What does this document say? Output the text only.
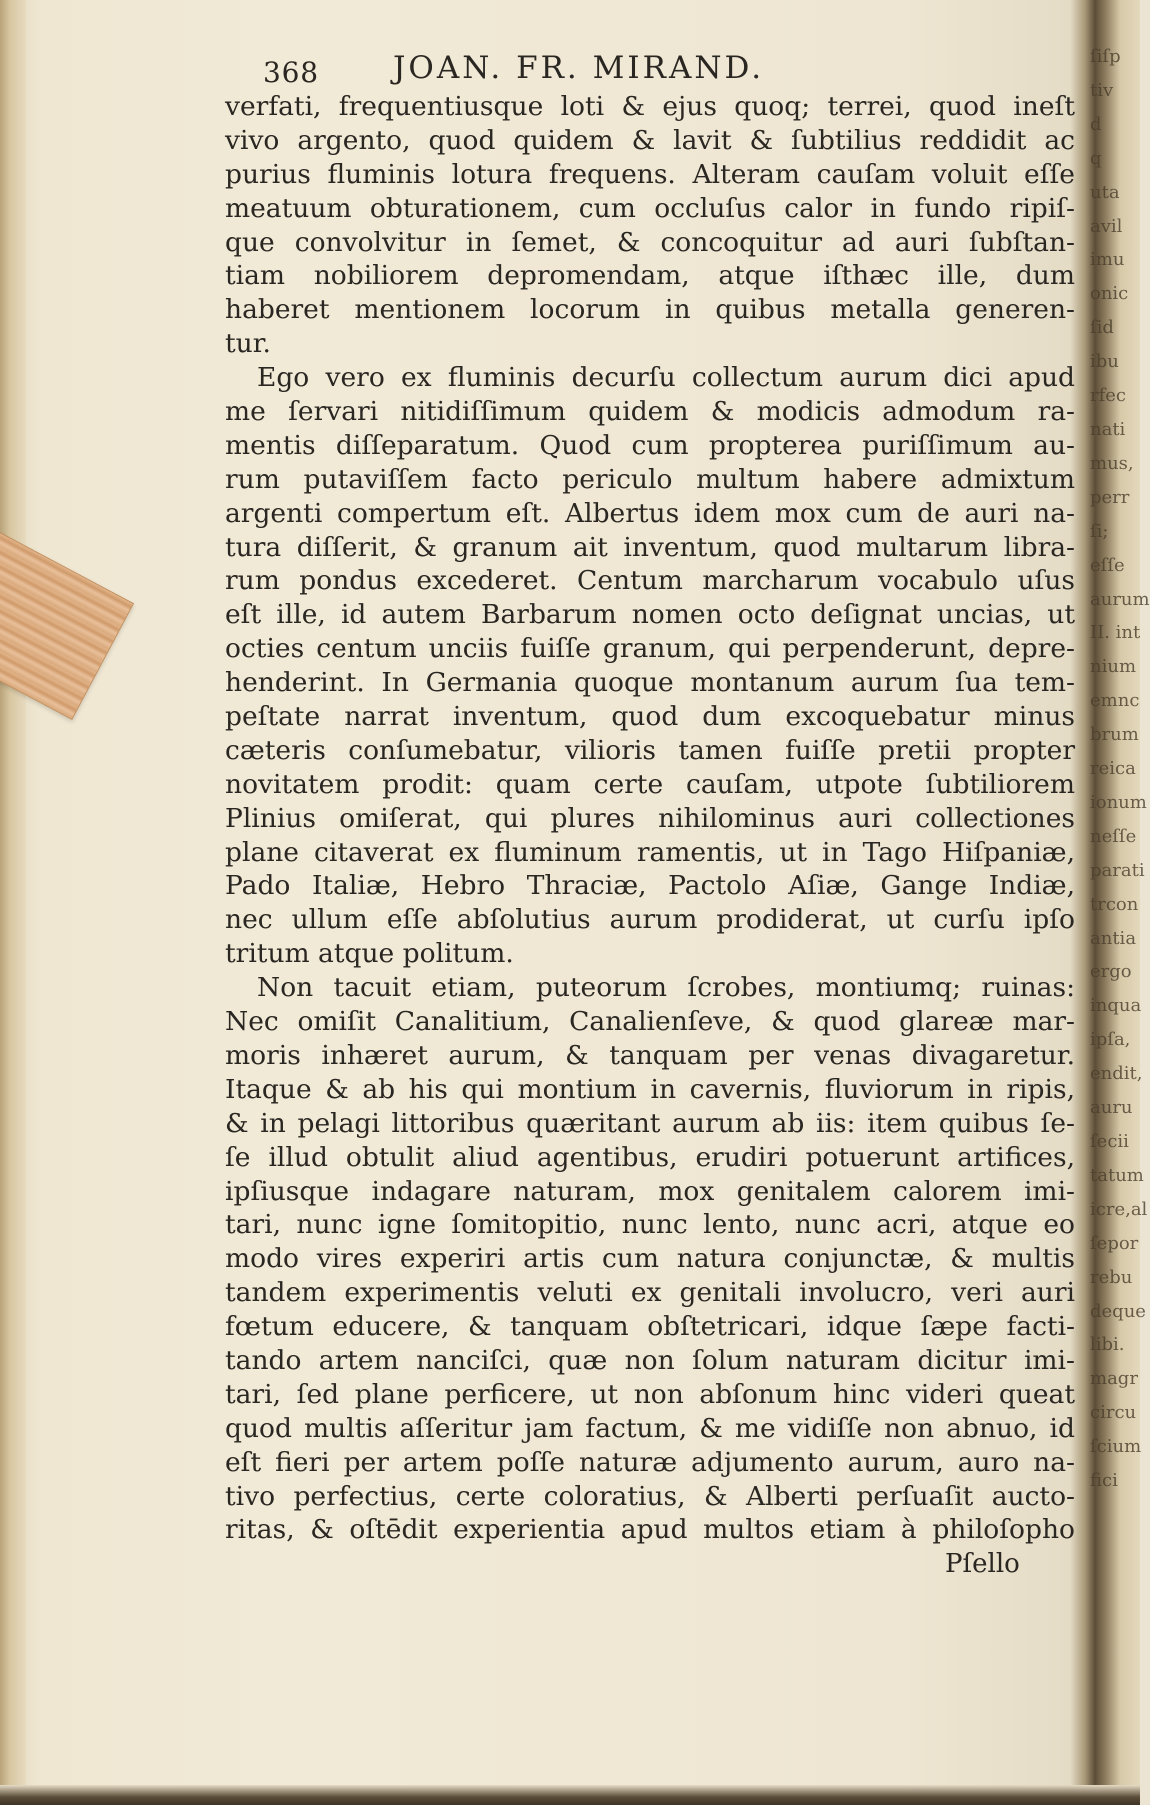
368 JOAN. FR. MIRAND.
verfati, frequentiusque loti & ejus quoq; terrei, quod ineſt
vivo argento, quod quidem & lavit & ſubtilius reddidit ac
purius fluminis lotura frequens. Alteram cauſam voluit eſſe
meatuum obturationem, cum occluſus calor in fundo ripiſ-
que convolvitur in ſemet, & concoquitur ad auri ſubſtan-
tiam nobiliorem depromendam, atque iſthæc ille, dum
haberet mentionem locorum in quibus metalla generen-
tur.
Ego vero ex fluminis decurſu collectum aurum dici apud
me ſervari nitidiſſimum quidem & modicis admodum ra-
mentis diſſeparatum. Quod cum propterea puriſſimum au-
rum putaviſſem facto periculo multum habere admixtum
argenti compertum eſt. Albertus idem mox cum de auri na-
tura diſſerit, & granum ait inventum, quod multarum libra-
rum pondus excederet. Centum marcharum vocabulo uſus
eſt ille, id autem Barbarum nomen octo deſignat uncias, ut
octies centum unciis fuiſſe granum, qui perpenderunt, depre-
henderint. In Germania quoque montanum aurum ſua tem-
peſtate narrat inventum, quod dum excoquebatur minus
cæteris conſumebatur, vilioris tamen fuiſſe pretii propter
novitatem prodit: quam certe cauſam, utpote ſubtiliorem
Plinius omiſerat, qui plures nihilominus auri collectiones
plane citaverat ex fluminum ramentis, ut in Tago Hiſpaniæ,
Pado Italiæ, Hebro Thraciæ, Pactolo Aſiæ, Gange Indiæ,
nec ullum eſſe abſolutius aurum prodiderat, ut curſu ipſo
tritum atque politum.
Non tacuit etiam, puteorum ſcrobes, montiumq; ruinas:
Nec omiſit Canalitium, Canalienſeve, & quod glareæ mar-
moris inhæret aurum, & tanquam per venas divagaretur.
Itaque & ab his qui montium in cavernis, fluviorum in ripis,
& in pelagi littoribus quæritant aurum ab iis: item quibus ſe-
ſe illud obtulit aliud agentibus, erudiri potuerunt artifices,
ipſiusque indagare naturam, mox genitalem calorem imi-
tari, nunc igne ſomitopitio, nunc lento, nunc acri, atque eo
modo vires experiri artis cum natura conjunctæ, & multis
tandem experimentis veluti ex genitali involucro, veri auri
fœtum educere, & tanquam obſtetricari, idque ſæpe facti-
tando artem nanciſci, quæ non ſolum naturam dicitur imi-
tari, ſed plane perficere, ut non abſonum hinc videri queat
quod multis aſſeritur jam factum, & me vidiſſe non abnuo, id
eſt fieri per artem poſſe naturæ adjumento aurum, auro na-
tivo perfectius, certe coloratius, & Alberti perſuaſit aucto-
ritas, & oſtēdit experientia apud multos etiam à philoſopho
Pſello
ſiſp
tiv
d
q
uta
avil
imu
onic
ſid
ibu
rfec
nati
mus,
perr
ſi;
eſſe
aurum
II. int
nium
emnc
brum
reica
ionum
neſſe
parati
trcon
antia
ergo
inqua
ipſa,
endit,
auru
ſecii
tatum
icre,al
ſepor
rebu
deque
libi.
magr
circu
ſcium
fici
